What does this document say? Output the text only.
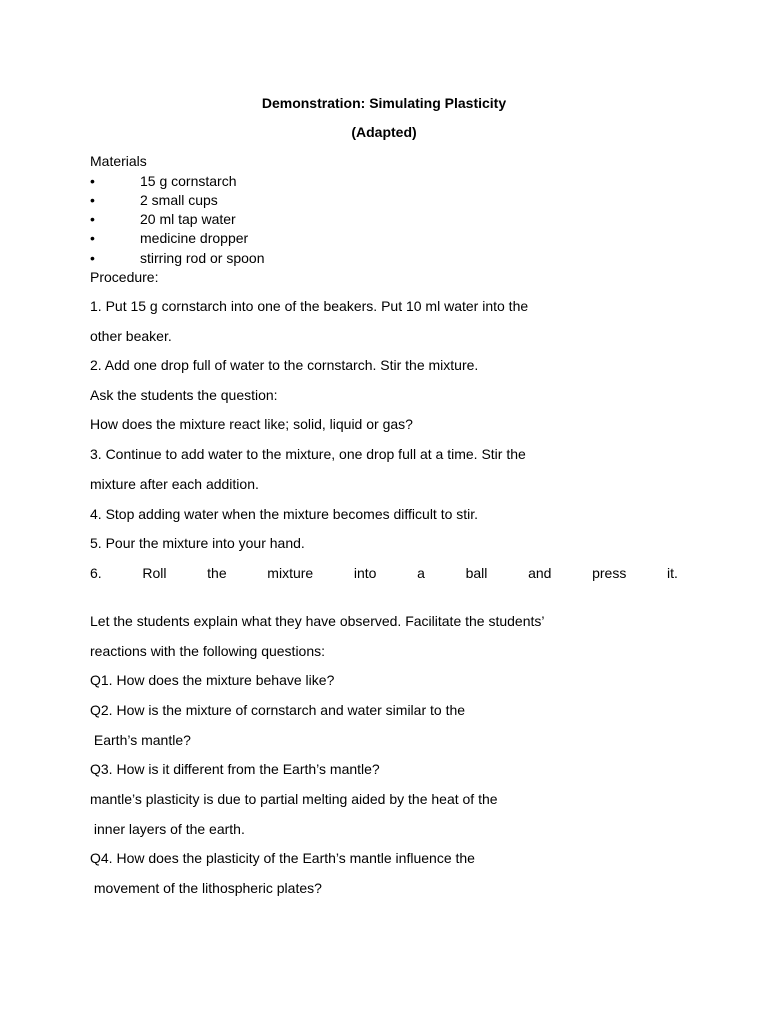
Demonstration: Simulating Plasticity
(Adapted)
Materials
•	15 g cornstarch
•	2 small cups
•	20 ml tap water
•	medicine dropper
•	stirring rod or spoon
Procedure:
1. Put 15 g cornstarch into one of the beakers. Put 10 ml water into the
other beaker.
2. Add one drop full of water to the cornstarch. Stir the mixture.
Ask the students the question:
How does the mixture react like; solid, liquid or gas?
3. Continue to add water to the mixture, one drop full at a time. Stir the
mixture after each addition.
4. Stop adding water when the mixture becomes difficult to stir.
5. Pour the mixture into your hand.
6.	Roll	the	mixture	into	a	ball	and	press	it.
Let the students explain what they have observed. Facilitate the students’
reactions with the following questions:
Q1. How does the mixture behave like?
Q2. How is the mixture of cornstarch and water similar to the
Earth’s mantle?
Q3. How is it different from the Earth’s mantle?
mantle’s plasticity is due to partial melting aided by the heat of the
inner layers of the earth.
Q4. How does the plasticity of the Earth’s mantle influence the
movement of the lithospheric plates?
